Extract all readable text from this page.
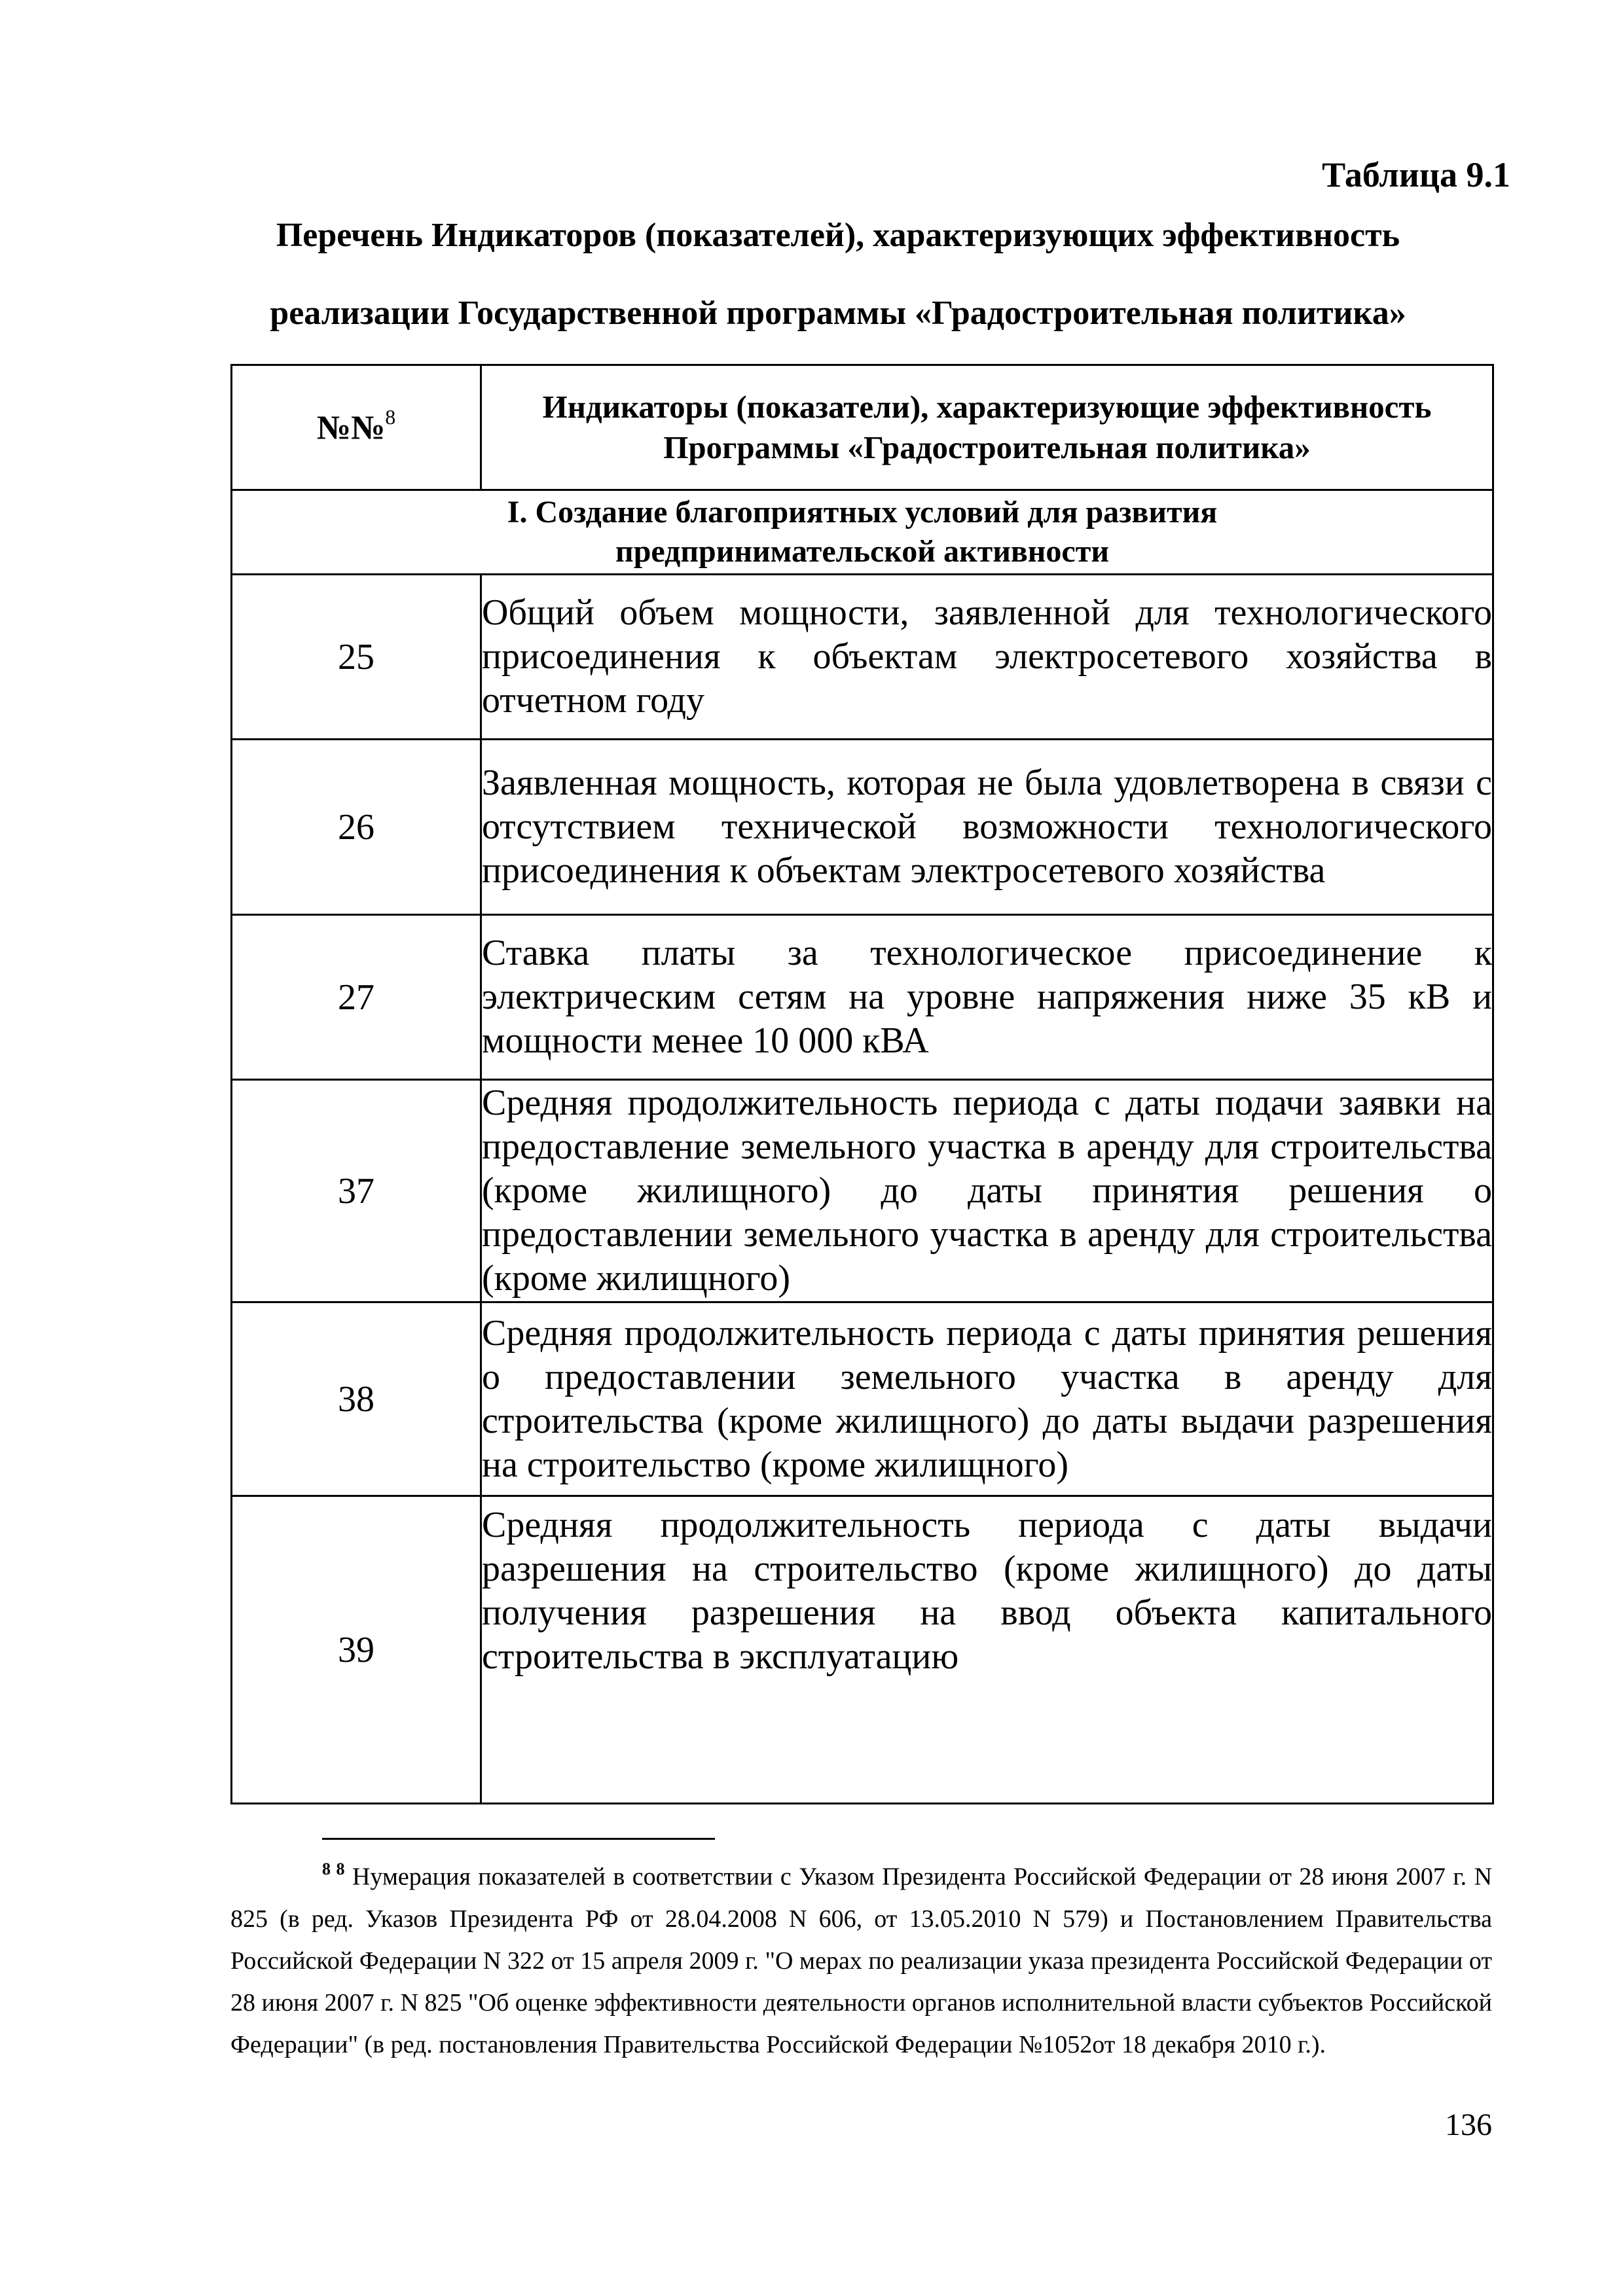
Таблица 9.1
Перечень Индикаторов (показателей), характеризующих эффективность
реализации Государственной программы «Градостроительная политика»
№№$^8$	Индикаторы (показатели), характеризующие эффективность
Программы «Градостроительная политика»

I. Создание благоприятных условий для развития
предпринимательской активности	

25	Общий объем мощности, заявленной для технологического присоединения к объектам электросетевого хозяйства в отчетном году
26	Заявленная мощность, которая не была удовлетворена в связи с отсутствием технической возможности технологического присоединения к объектам электросетевого хозяйства
27	Ставка платы за технологическое присоединение к электрическим сетям на уровне напряжения ниже 35 кВ и мощности менее 10 000 кВА
37	Средняя продолжительность периода с даты подачи заявки на предоставление земельного участка в аренду для строительства (кроме жилищного) до даты принятия решения о предоставлении земельного участка в аренду для строительства (кроме жилищного)
38	Средняя продолжительность периода с даты принятия решения о предоставлении земельного участка в аренду для строительства (кроме жилищного) до даты выдачи разрешения на строительство (кроме жилищного)
39	Средняя продолжительность периода с даты выдачи разрешения на строительство (кроме жилищного) до даты получения разрешения на ввод объекта капитального строительства в эксплуатацию
$^{8 8}$ Нумерация показателей в соответствии с Указом Президента Российской Федерации от 28 июня 2007 г. N 825 (в ред. Указов Президента РФ от 28.04.2008 N 606, от 13.05.2010 N 579) и Постановлением Правительства Российской Федерации N 322 от 15 апреля 2009 г. "О мерах по реализации указа президента Российской Федерации от 28 июня 2007 г. N 825 "Об оценке эффективности деятельности органов исполнительной власти субъектов Российской Федерации" (в ред. постановления Правительства Российской Федерации №1052от 18 декабря 2010 г.).
136
